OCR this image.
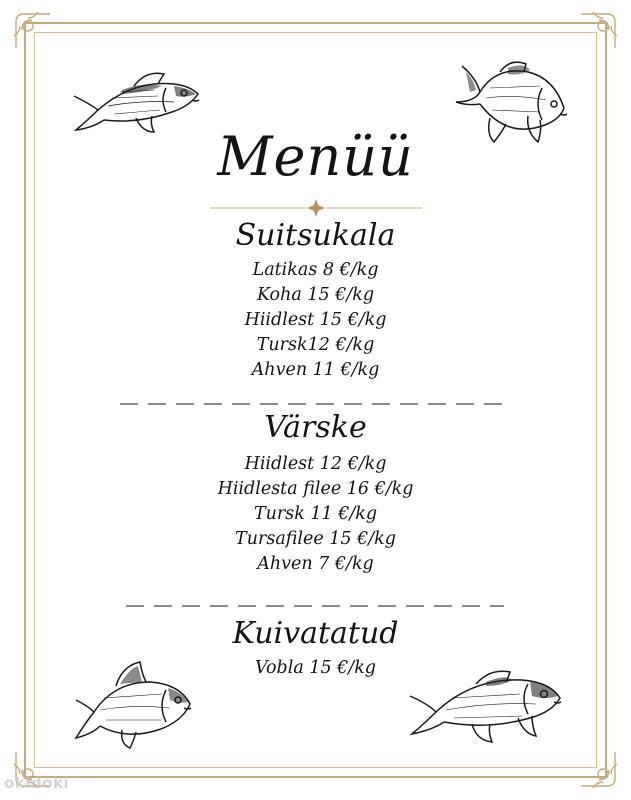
Menüü
Suitsukala
Latikas 8 €/kg
Koha 15 €/kg
Hiidlest 15 €/kg
Tursk12 €/kg
Ahven 11 €/kg
Värske
Hiidlest 12 €/kg
Hiidlesta filee 16 €/kg
Tursk 11 €/kg
Tursafilee 15 €/kg
Ahven 7 €/kg
Kuivatatud
Vobla 15 €/kg
okidoki
